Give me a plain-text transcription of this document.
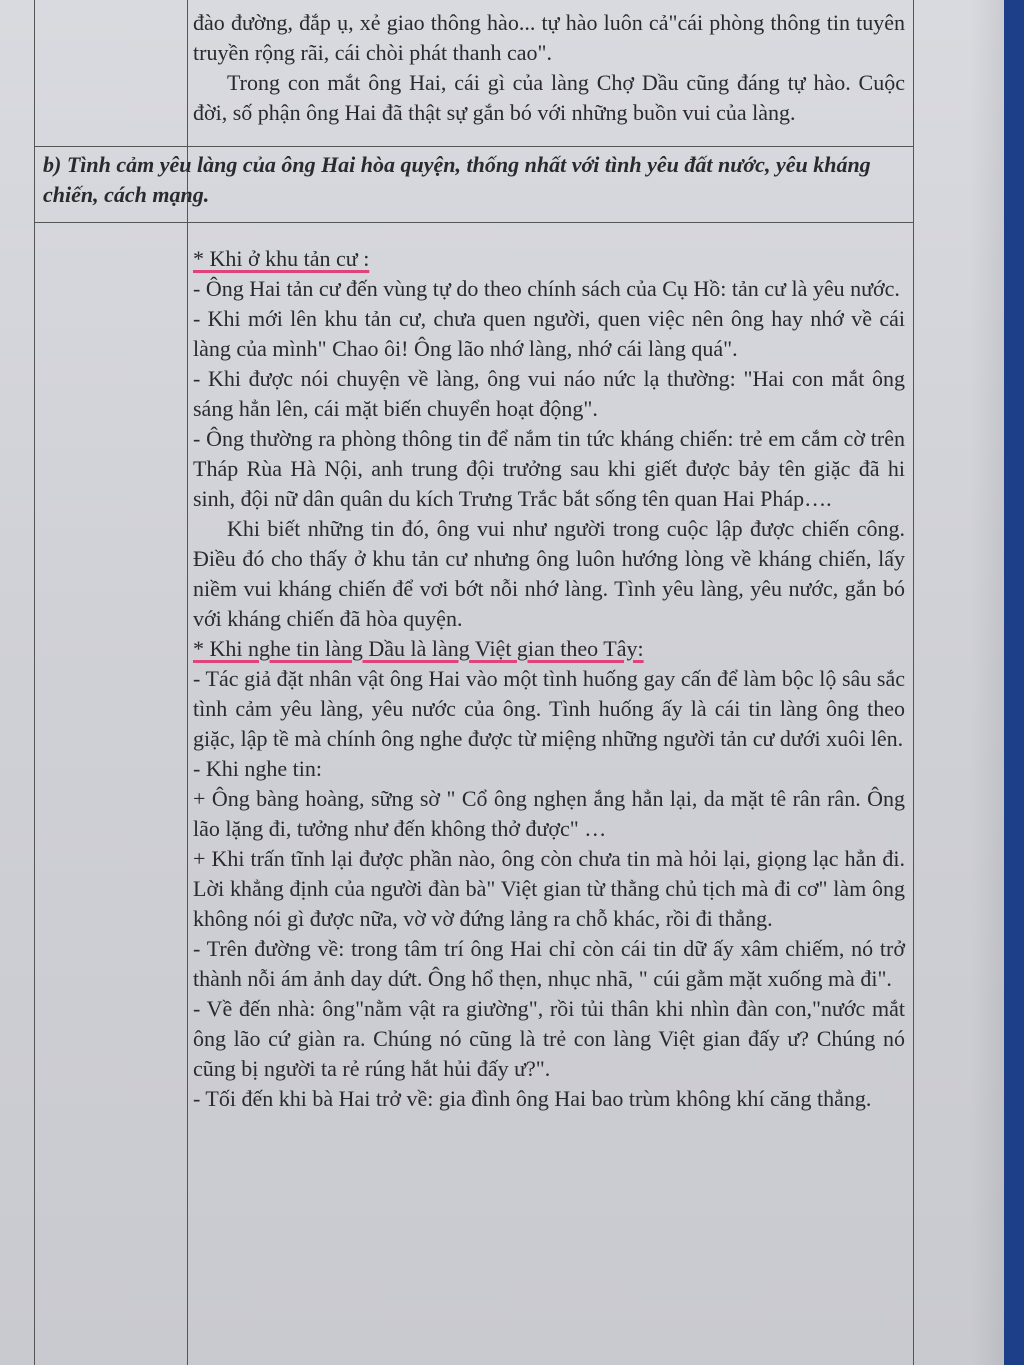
đào đường, đắp ụ, xẻ giao thông hào... tự hào luôn cả"cái phòng thông tin tuyên truyền rộng rãi, cái chòi phát thanh cao".

Trong con mắt ông Hai, cái gì của làng Chợ Dầu cũng đáng tự hào. Cuộc đời, số phận ông Hai đã thật sự gắn bó với những buồn vui của làng.

b) Tình cảm yêu làng của ông Hai hòa quyện, thống nhất với tình yêu đất nước, yêu kháng chiến, cách mạng.

* Khi ở khu tản cư :

- Ông Hai tản cư đến vùng tự do theo chính sách của Cụ Hồ: tản cư là yêu nước.

- Khi mới lên khu tản cư, chưa quen người, quen việc nên ông hay nhớ về cái làng của mình" Chao ôi! Ông lão nhớ làng, nhớ cái làng quá".

- Khi được nói chuyện về làng, ông vui náo nức lạ thường: "Hai con mắt ông sáng hẳn lên, cái mặt biến chuyển hoạt động".

- Ông thường ra phòng thông tin để nắm tin tức kháng chiến: trẻ em cắm cờ trên Tháp Rùa Hà Nội, anh trung đội trưởng sau khi giết được bảy tên giặc đã hi sinh, đội nữ dân quân du kích Trưng Trắc bắt sống tên quan Hai Pháp….

Khi biết những tin đó, ông vui như người trong cuộc lập được chiến công. Điều đó cho thấy ở khu tản cư nhưng ông luôn hướng lòng về kháng chiến, lấy niềm vui kháng chiến để vơi bớt nỗi nhớ làng. Tình yêu làng, yêu nước, gắn bó với kháng chiến đã hòa quyện.

* Khi nghe tin làng Dầu là làng Việt gian theo Tây:

- Tác giả đặt nhân vật ông Hai vào một tình huống gay cấn để làm bộc lộ sâu sắc tình cảm yêu làng, yêu nước của ông. Tình huống ấy là cái tin làng ông theo giặc, lập tề mà chính ông nghe được từ miệng những người tản cư dưới xuôi lên.

- Khi nghe tin:

+ Ông bàng hoàng, sững sờ " Cổ ông nghẹn ắng hẳn lại, da mặt tê rân rân. Ông lão lặng đi, tưởng như đến không thở được" …

+ Khi trấn tĩnh lại được phần nào, ông còn chưa tin mà hỏi lại, giọng lạc hẳn đi. Lời khẳng định của người đàn bà" Việt gian từ thằng chủ tịch mà đi cơ" làm ông không nói gì được nữa, vờ vờ đứng lảng ra chỗ khác, rồi đi thẳng.

- Trên đường về: trong tâm trí ông Hai chỉ còn cái tin dữ ấy xâm chiếm, nó trở thành nỗi ám ảnh day dứt. Ông hổ thẹn, nhục nhã, " cúi gằm mặt xuống mà đi".

- Về đến nhà: ông"nằm vật ra giường", rồi tủi thân khi nhìn đàn con,"nước mắt ông lão cứ giàn ra. Chúng nó cũng là trẻ con làng Việt gian đấy ư? Chúng nó cũng bị người ta rẻ rúng hắt hủi đấy ư?".

- Tối đến khi bà Hai trở về: gia đình ông Hai bao trùm không khí căng thẳng.
